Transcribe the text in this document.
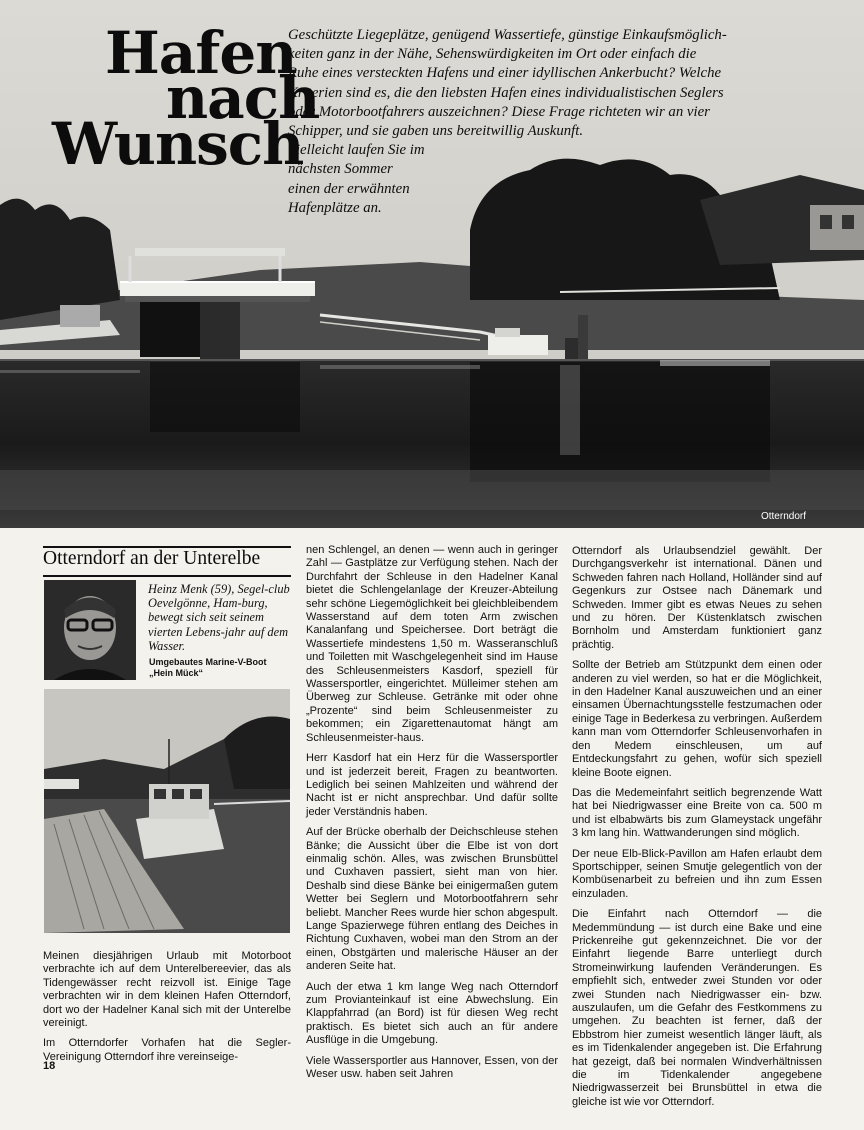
Hafen
nach
Wunsch
Geschützte Liegeplätze, genügend Wassertiefe, günstige Einkaufsmöglich-
keiten ganz in der Nähe, Sehenswürdigkeiten im Ort oder einfach die
Ruhe eines versteckten Hafens und einer idyllischen Ankerbucht? Welche
Kriterien sind es, die den liebsten Hafen eines individualistischen Seglers
oder Motorbootfahrers auszeichnen? Diese Frage richteten wir an vier
Schipper, und sie gaben uns bereitwillig Auskunft.
Vielleicht laufen Sie im
nächsten Sommer
einen der erwähnten
Hafenplätze an.
Otterndorf
Otterndorf an der Unterelbe
Heinz Menk (59), Segel-club Oevelgönne, Ham-burg, bewegt sich seit seinem vierten Lebens-jahr auf dem Wasser.
Umgebautes Marine-V-Boot „Hein Mück“

Meinen diesjährigen Urlaub mit Motorboot verbrachte ich auf dem Unterelbereevier, das als Tidengewässer recht reizvoll ist. Einige Tage verbrachten wir in dem kleinen Hafen Otterndorf, dort wo der Hadelner Kanal sich mit der Unterelbe vereinigt.

Im Otterndorfer Vorhafen hat die Segler-Vereinigung Otterndorf ihre vereinseige-

nen Schlengel, an denen — wenn auch in geringer Zahl — Gastplätze zur Verfügung stehen. Nach der Durchfahrt der Schleuse in den Hadelner Kanal bietet die Schlengelanlage der Kreuzer-Abteilung sehr schöne Liegemöglichkeit bei gleichbleibendem Wasserstand auf dem toten Arm zwischen Kanalanfang und Speichersee. Dort beträgt die Wassertiefe mindestens 1,50 m. Wasseranschluß und Toiletten mit Waschgelegenheit sind im Hause des Schleusenmeisters Kasdorf, speziell für Wassersportler, eingerichtet. Mülleimer stehen am Überweg zur Schleuse. Getränke mit oder ohne „Prozente“ sind beim Schleusenmeister zu bekommen; ein Zigarettenautomat hängt am Schleusenmeister-haus.

Herr Kasdorf hat ein Herz für die Wassersportler und ist jederzeit bereit, Fragen zu beantworten. Lediglich bei seinen Mahlzeiten und während der Nacht ist er nicht ansprechbar. Und dafür sollte jeder Verständnis haben.

Auf der Brücke oberhalb der Deichschleuse stehen Bänke; die Aussicht über die Elbe ist von dort einmalig schön. Alles, was zwischen Brunsbüttel und Cuxhaven passiert, sieht man von hier. Deshalb sind diese Bänke bei einigermaßen gutem Wetter bei Seglern und Motorbootfahrern sehr beliebt. Mancher Rees wurde hier schon abgespult. Lange Spazierwege führen entlang des Deiches in Richtung Cuxhaven, wobei man den Strom an der einen, Obstgärten und malerische Häuser an der anderen Seite hat.

Auch der etwa 1 km lange Weg nach Otterndorf zum Provianteinkauf ist eine Abwechslung. Ein Klappfahrrad (an Bord) ist für diesen Weg recht praktisch. Es bietet sich auch an für andere Ausflüge in die Umgebung.

Viele Wassersportler aus Hannover, Essen, von der Weser usw. haben seit Jahren

Otterndorf als Urlaubsendziel gewählt. Der Durchgangsverkehr ist international. Dänen und Schweden fahren nach Holland, Holländer sind auf Gegenkurs zur Ostsee nach Dänemark und Schweden. Immer gibt es etwas Neues zu sehen und zu hören. Der Küstenklatsch zwischen Bornholm und Amsterdam funktioniert ganz prächtig.

Sollte der Betrieb am Stützpunkt dem einen oder anderen zu viel werden, so hat er die Möglichkeit, in den Hadelner Kanal auszuweichen und an einer einsamen Übernachtungsstelle festzumachen oder einige Tage in Bederkesa zu verbringen. Außerdem kann man vom Otterndorfer Schleusenvorhafen in den Medem einschleusen, um auf Entdeckungsfahrt zu gehen, wofür sich speziell kleine Boote eignen.

Das die Medemeinfahrt seitlich begrenzende Watt hat bei Niedrigwasser eine Breite von ca. 500 m und ist elbabwärts bis zum Glameystack ungefähr 3 km lang hin. Wattwanderungen sind möglich.

Der neue Elb-Blick-Pavillon am Hafen erlaubt dem Sportschipper, seinen Smutje gelegentlich von der Kombüsenarbeit zu befreien und ihn zum Essen einzuladen.

Die Einfahrt nach Otterndorf — die Medemmündung — ist durch eine Bake und eine Prickenreihe gut gekennzeichnet. Die vor der Einfahrt liegende Barre unterliegt durch Stromeinwirkung laufenden Veränderungen. Es empfiehlt sich, entweder zwei Stunden vor oder zwei Stunden nach Niedrigwasser ein- bzw. auszulaufen, um die Gefahr des Festkommens zu umgehen. Zu beachten ist ferner, daß der Ebbstrom hier zumeist wesentlich länger läuft, als es im Tidenkalender angegeben ist. Die Erfahrung hat gezeigt, daß bei normalen Windverhältnissen die im Tidenkalender angegebene Niedrigwasserzeit bei Brunsbüttel in etwa die gleiche ist wie vor Otterndorf.

18
